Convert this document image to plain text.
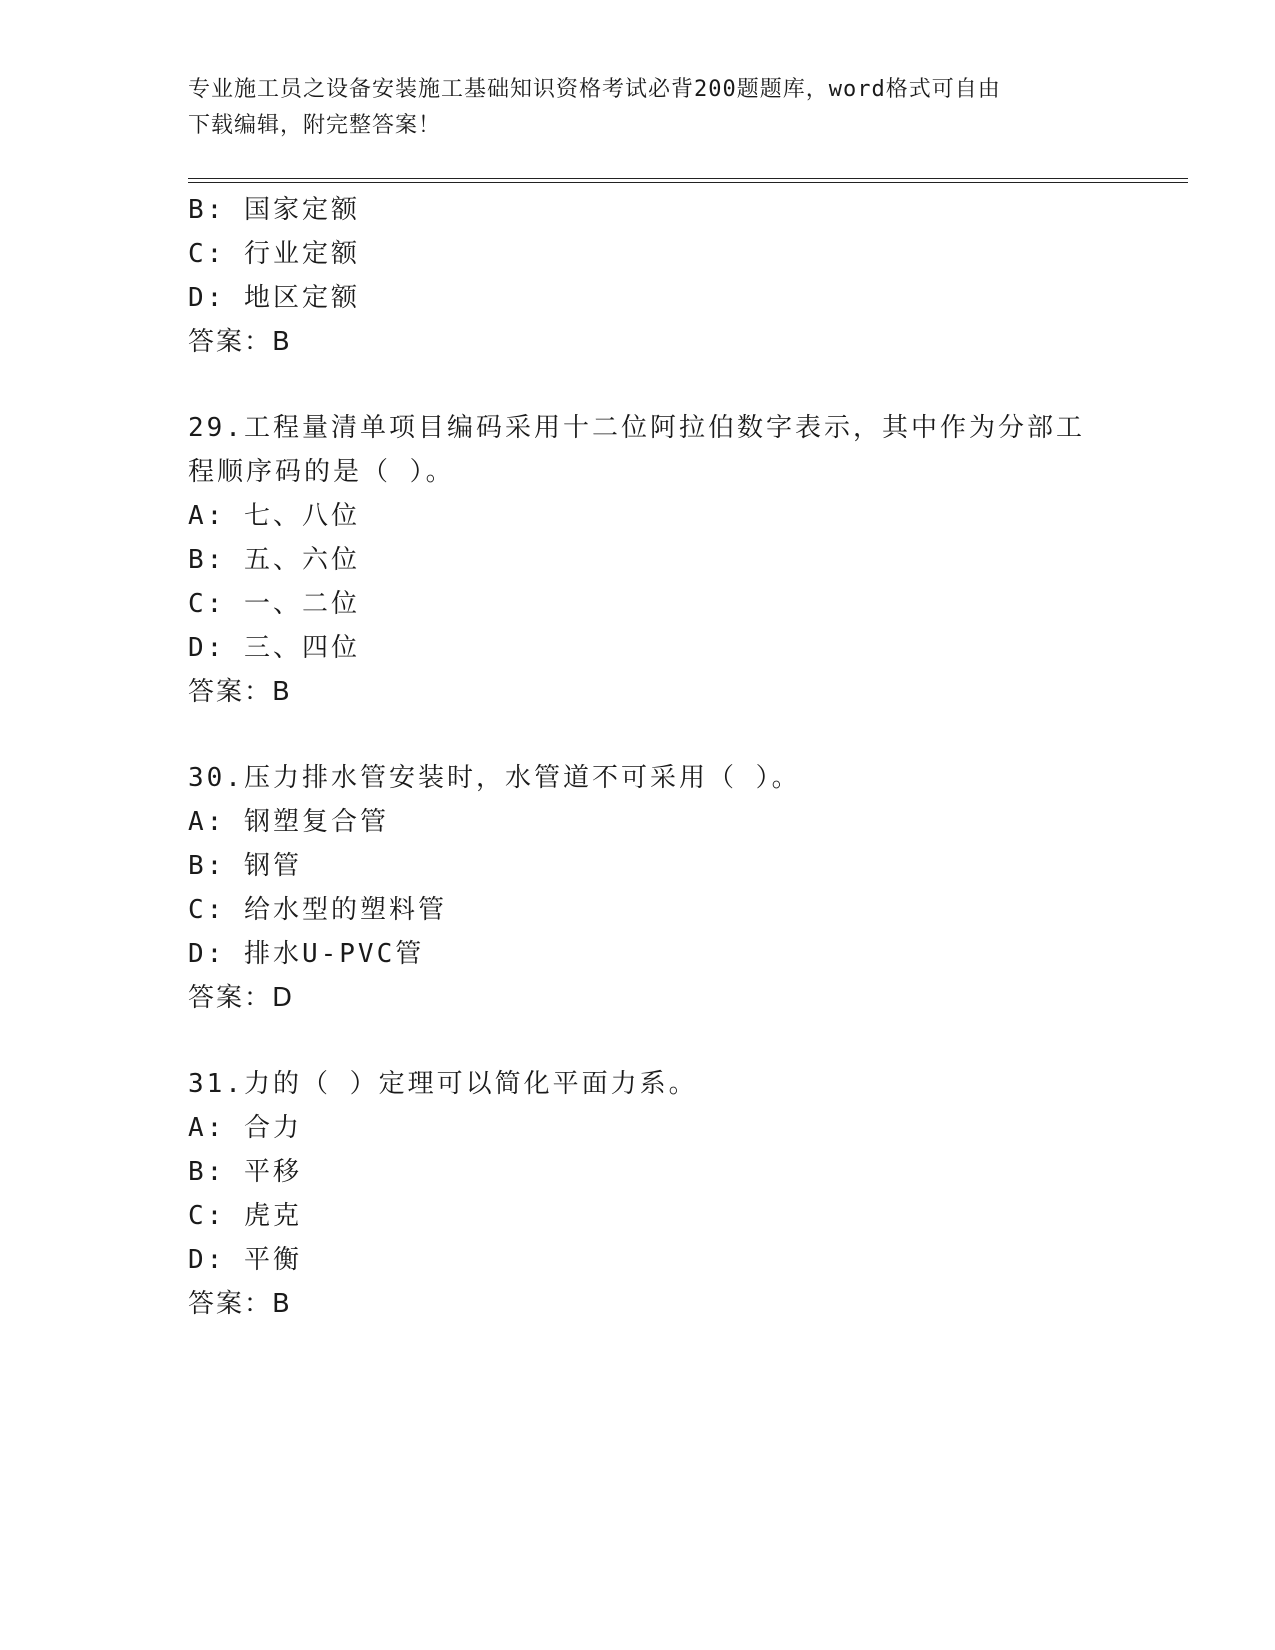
专业施工员之设备安装施工基础知识资格考试必背200题题库，word格式可自由
下载编辑，附完整答案！
B: 国家定额
C: 行业定额
D: 地区定额
答案：B
29.工程量清单项目编码采用十二位阿拉伯数字表示，其中作为分部工
程顺序码的是（ ）。
A: 七、八位
B: 五、六位
C: 一、二位
D: 三、四位
答案：B
30.压力排水管安装时，水管道不可采用（ ）。
A: 钢塑复合管
B: 钢管
C: 给水型的塑料管
D: 排水U-PVC管
答案：D
31.力的（ ）定理可以简化平面力系。
A: 合力
B: 平移
C: 虎克
D: 平衡
答案：B
